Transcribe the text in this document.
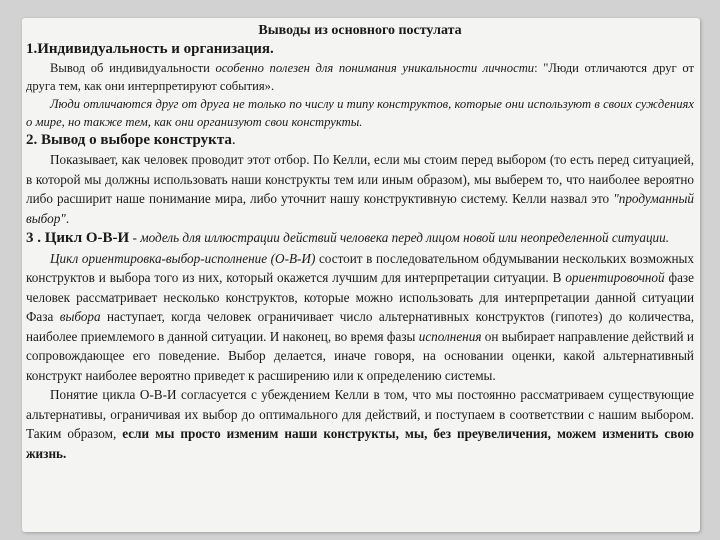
Выводы из основного постулата

1.Индивидуальность и организация.

Вывод об индивидуальности особенно полезен для понимания уникальности личности: "Люди отличаются друг от друга тем, как они интерпретируют события».

Люди отличаются друг от друга не только по числу и типу конструктов, которые они используют в своих суждениях о мире, но также тем, как они организуют свои конструкты.

2. Вывод о выборе конструкта.

Показывает, как человек проводит этот отбор. По Келли, если мы стоим перед выбором (то есть перед ситуацией, в которой мы должны использовать наши конструкты тем или иным образом), мы выберем то, что наиболее вероятно либо расширит наше понимание мира, либо уточнит нашу конструктивную систему. Келли назвал это "продуманный выбор".

3 . Цикл О-В-И - модель для иллюстрации действий человека перед лицом новой или неопределенной ситуации.

Цикл ориентировка-выбор-исполнение (О-В-И) состоит в последовательном обдумывании нескольких возможных конструктов и выбора того из них, который окажется лучшим для интерпретации ситуации. В ориентировочной фазе человек рассматривает несколько конструктов, которые можно использовать для интерпретации данной ситуации Фаза выбора наступает, когда человек ограничивает число альтернативных конструктов (гипотез) до количества, наиболее приемлемого в данной ситуации. И наконец, во время фазы исполнения он выбирает направление действий и сопровождающее его поведение. Выбор делается, иначе говоря, на основании оценки, какой альтернативный конструкт наиболее вероятно приведет к расширению или к определению системы.

Понятие цикла О-В-И согласуется с убеждением Келли в том, что мы постоянно рассматриваем существующие альтернативы, ограничивая их выбор до оптимального для действий, и поступаем в соответствии с нашим выбором. Таким образом, если мы просто изменим наши конструкты, мы, без преувеличения, можем изменить свою жизнь.
